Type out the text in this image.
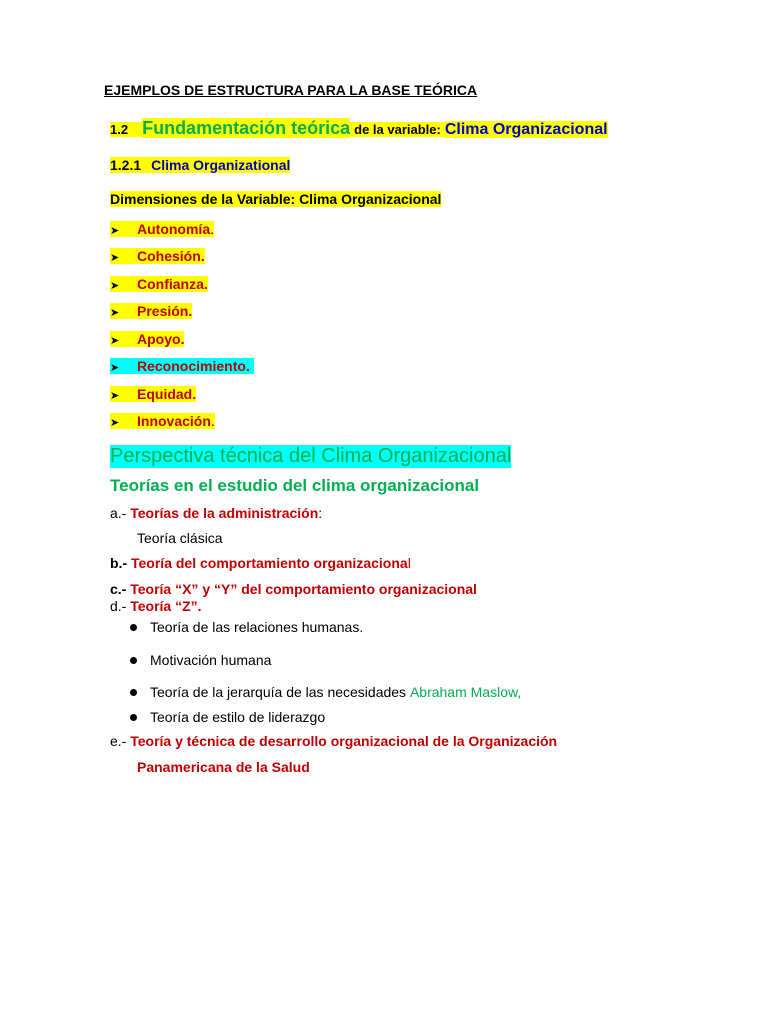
EJEMPLOS DE ESTRUCTURA PARA LA BASE TEÓRICA
1.2 Fundamentación teórica de la variable: Clima Organizacional
1.2.1 Clima Organizational
Dimensiones de la Variable: Clima Organizacional
➤ Autonomía.
➤ Cohesión.
➤ Confianza.
➤ Presión.
➤ Apoyo.
➤ Reconocimiento.
➤ Equidad.
➤ Innovación.
Perspectiva técnica del Clima Organizacional
Teorías en el estudio del clima organizacional
a.- Teorías de la administración:
Teoría clásica
b.- Teoría del comportamiento organizacional
c.- Teoría “X” y “Y” del comportamiento organizacional
d.- Teoría “Z”.
Teoría de las relaciones humanas.
Motivación humana
Teoría de la jerarquía de las necesidades
Abraham Maslow,
Teoría de estilo de liderazgo
e.- Teoría y técnica de desarrollo organizacional de la Organización
Panamericana de la Salud
